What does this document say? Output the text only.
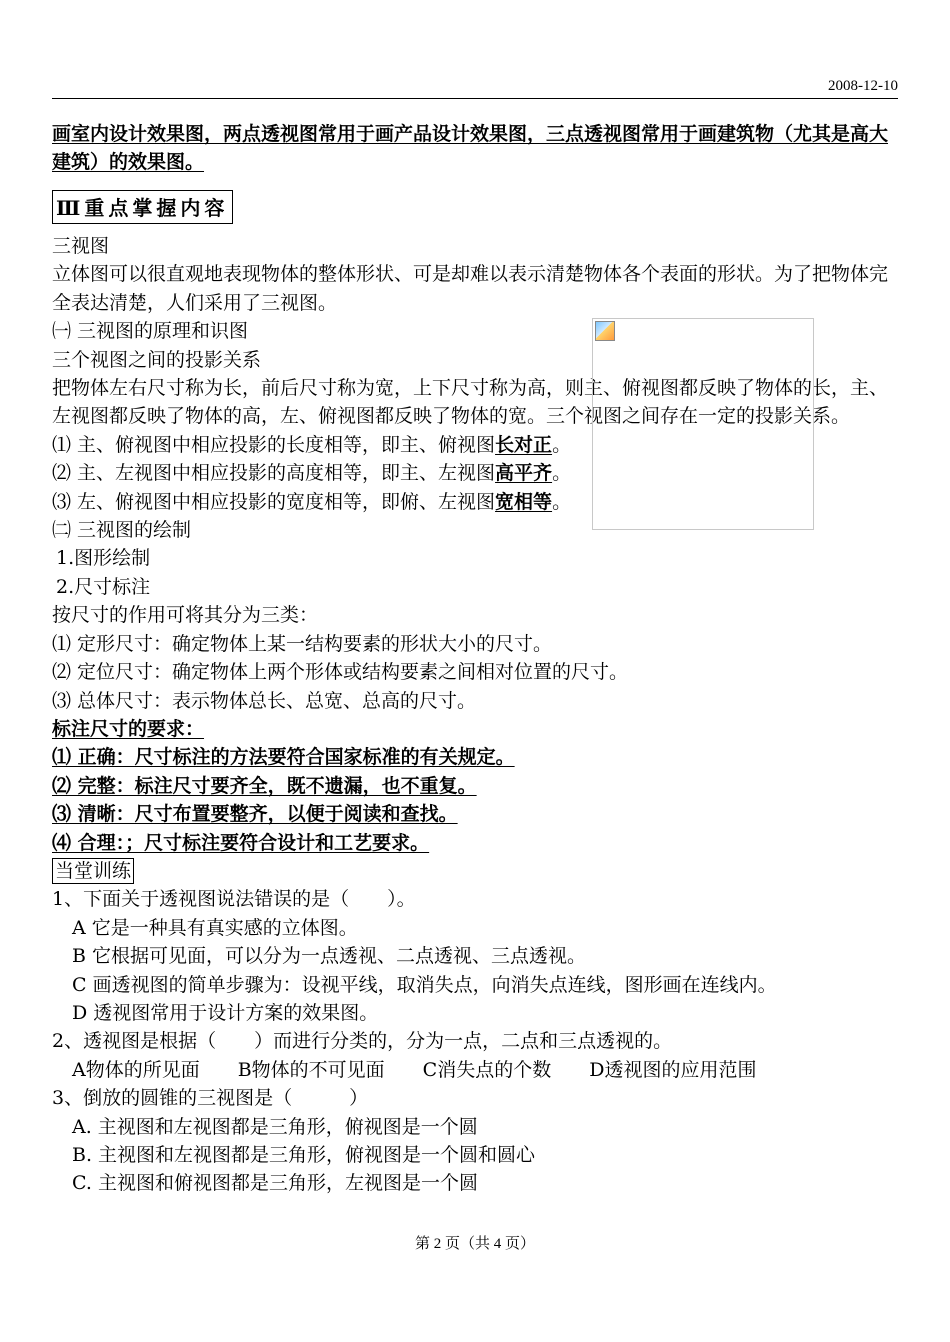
2008-12-10
画室内设计效果图，两点透视图常用于画产品设计效果图，三点透视图常用于画建筑物（尤其是高大建筑）的效果图。
Ⅲ重点掌握内容
三视图
立体图可以很直观地表现物体的整体形状、可是却难以表示清楚物体各个表面的形状。为了把物体完全表达清楚，人们采用了三视图。
㈠ 三视图的原理和识图
三个视图之间的投影关系
把物体左右尺寸称为长，前后尺寸称为宽，上下尺寸称为高，则主、俯视图都反映了物体的长，主、左视图都反映了物体的高，左、俯视图都反映了物体的宽。三个视图之间存在一定的投影关系。
⑴ 主、俯视图中相应投影的长度相等，即主、俯视图长对正。
⑵ 主、左视图中相应投影的高度相等，即主、左视图高平齐。
⑶ 左、俯视图中相应投影的宽度相等，即俯、左视图宽相等。
㈡ 三视图的绘制
1.图形绘制
2.尺寸标注
按尺寸的作用可将其分为三类：
⑴ 定形尺寸：确定物体上某一结构要素的形状大小的尺寸。
⑵ 定位尺寸：确定物体上两个形体或结构要素之间相对位置的尺寸。
⑶ 总体尺寸：表示物体总长、总宽、总高的尺寸。
标注尺寸的要求：
⑴ 正确：尺寸标注的方法要符合国家标准的有关规定。
⑵ 完整：标注尺寸要齐全，既不遗漏，也不重复。
⑶ 清晰：尺寸布置要整齐，以便于阅读和查找。
⑷ 合理：；尺寸标注要符合设计和工艺要求。
当堂训练
1、下面关于透视图说法错误的是（　　）。
A 它是一种具有真实感的立体图。
B 它根据可见面，可以分为一点透视、二点透视、三点透视。
C 画透视图的简单步骤为：设视平线，取消失点，向消失点连线，图形画在连线内。
D 透视图常用于设计方案的效果图。
2、透视图是根据（　　）而进行分类的，分为一点，二点和三点透视的。
A物体的所见面　　B物体的不可见面　　C消失点的个数　　D透视图的应用范围
3、倒放的圆锥的三视图是（　　　）
A. 主视图和左视图都是三角形，俯视图是一个圆
B. 主视图和左视图都是三角形，俯视图是一个圆和圆心
C. 主视图和俯视图都是三角形，左视图是一个圆
第 2 页（共 4 页）
